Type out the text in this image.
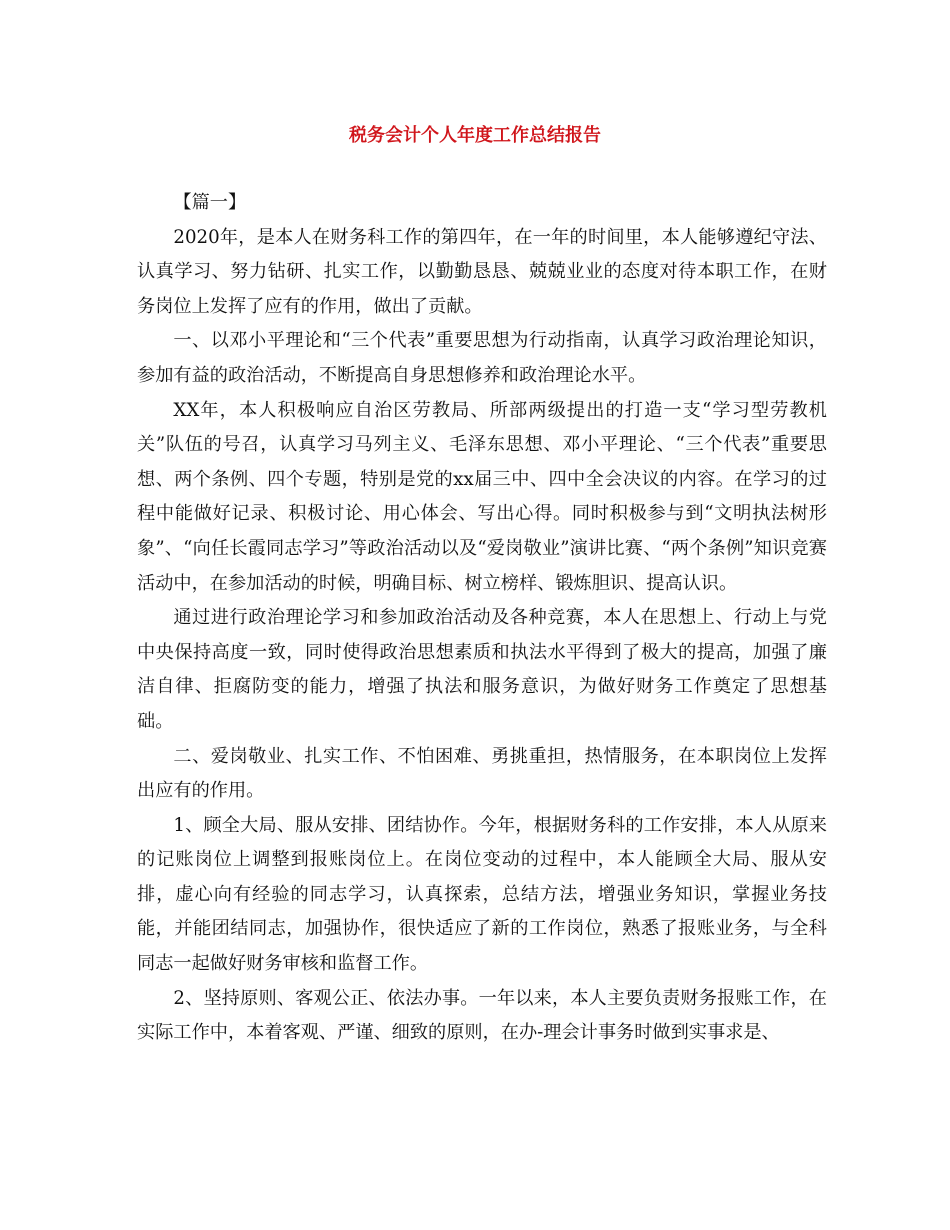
税务会计个人年度工作总结报告

【篇一】

2020年，是本人在财务科工作的第四年，在一年的时间里，本人能够遵纪守法、认真学习、努力钻研、扎实工作，以勤勤恳恳、兢兢业业的态度对待本职工作，在财务岗位上发挥了应有的作用，做出了贡献。

一、以邓小平理论和“三个代表”重要思想为行动指南，认真学习政治理论知识，参加有益的政治活动，不断提高自身思想修养和政治理论水平。

XX年，本人积极响应自治区劳教局、所部两级提出的打造一支“学习型劳教机关”队伍的号召，认真学习马列主义、毛泽东思想、邓小平理论、“三个代表”重要思想、两个条例、四个专题，特别是党的xx届三中、四中全会决议的内容。在学习的过程中能做好记录、积极讨论、用心体会、写出心得。同时积极参与到“文明执法树形象”、“向任长霞同志学习”等政治活动以及“爱岗敬业”演讲比赛、“两个条例”知识竞赛活动中，在参加活动的时候，明确目标、树立榜样、锻炼胆识、提高认识。

通过进行政治理论学习和参加政治活动及各种竞赛，本人在思想上、行动上与党中央保持高度一致，同时使得政治思想素质和执法水平得到了极大的提高，加强了廉洁自律、拒腐防变的能力，增强了执法和服务意识，为做好财务工作奠定了思想基础。

二、爱岗敬业、扎实工作、不怕困难、勇挑重担，热情服务，在本职岗位上发挥出应有的作用。

1、顾全大局、服从安排、团结协作。今年，根据财务科的工作安排，本人从原来的记账岗位上调整到报账岗位上。在岗位变动的过程中，本人能顾全大局、服从安排，虚心向有经验的同志学习，认真探索，总结方法，增强业务知识，掌握业务技能，并能团结同志，加强协作，很快适应了新的工作岗位，熟悉了报账业务，与全科同志一起做好财务审核和监督工作。

2、坚持原则、客观公正、依法办事。一年以来，本人主要负责财务报账工作，在实际工作中，本着客观、严谨、细致的原则，在办-理会计事务时做到实事求是、
